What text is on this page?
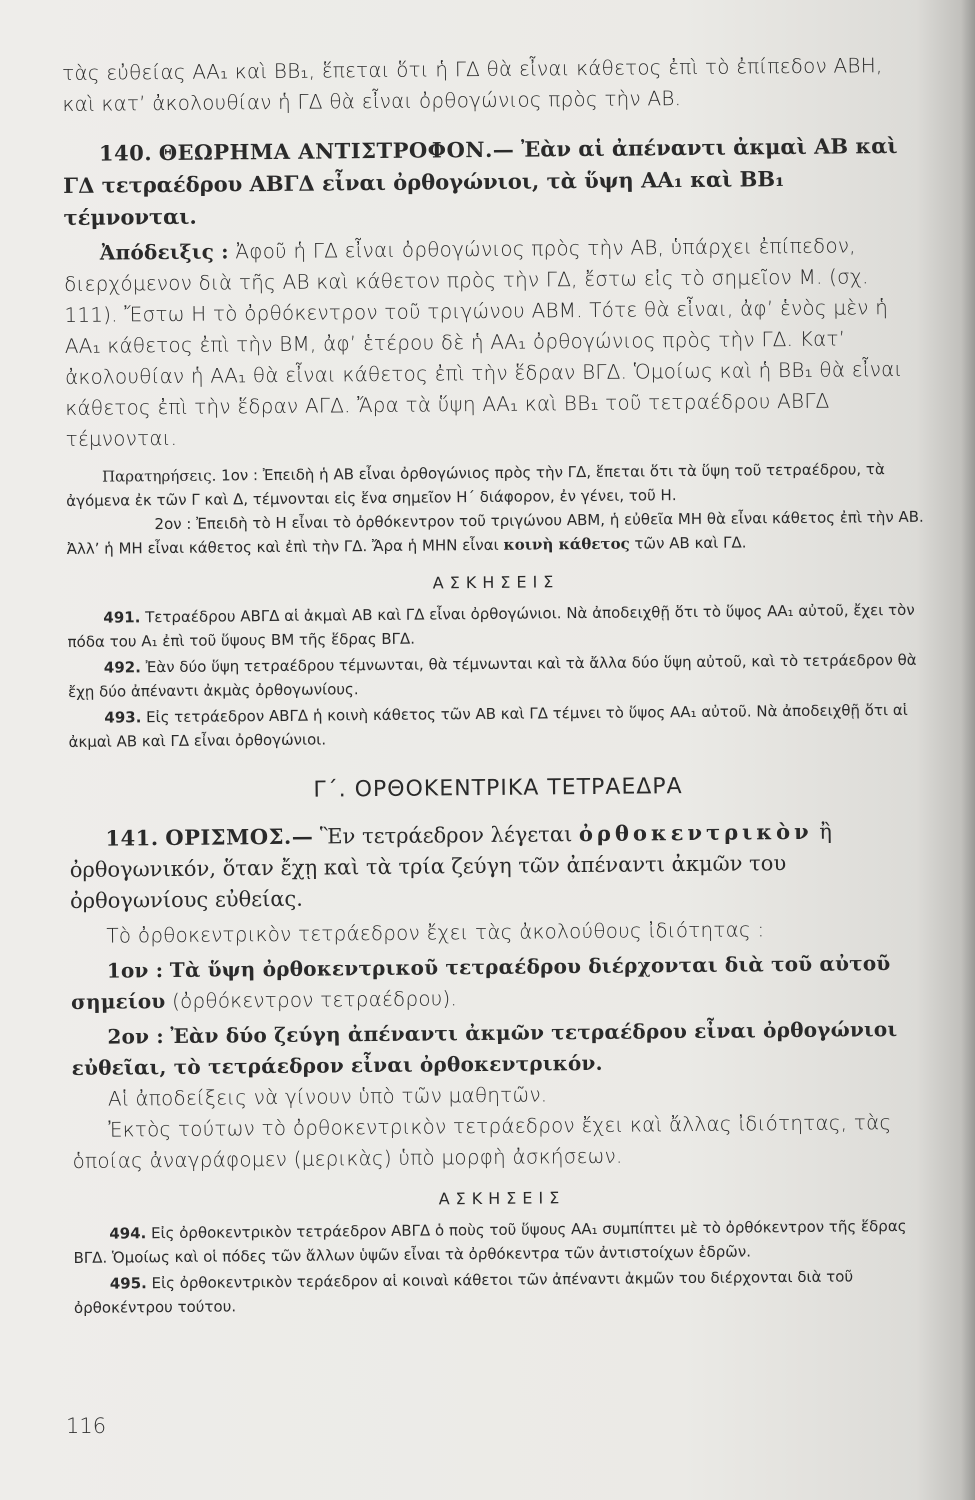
τὰς εὐθείας ΑΑ₁ καὶ ΒΒ₁, ἕπεται ὅτι ἡ ΓΔ θὰ εἶναι κάθετος ἐπὶ τὸ ἐπίπεδον ΑΒΗ, καὶ κατ’ ἀκολουθίαν ἡ ΓΔ θὰ εἶναι ὀρθογώνιος πρὸς τὴν ΑΒ.

140. ΘΕΩΡΗΜΑ ΑΝΤΙΣΤΡΟΦΟΝ.— Ἐὰν αἱ ἀπέναντι ἀκμαὶ ΑΒ καὶ ΓΔ τετραέδρου ΑΒΓΔ εἶναι ὀρθογώνιοι, τὰ ὕψη ΑΑ₁ καὶ ΒΒ₁ τέμνονται.

Ἀπόδειξις : Ἀφοῦ ἡ ΓΔ εἶναι ὀρθογώνιος πρὸς τὴν ΑΒ, ὑπάρχει ἐπίπεδον, διερχόμενον διὰ τῆς ΑΒ καὶ κάθετον πρὸς τὴν ΓΔ, ἔστω εἰς τὸ σημεῖον Μ. (σχ. 111). Ἔστω Η τὸ ὀρθόκεντρον τοῦ τριγώνου ΑΒΜ. Τότε θὰ εἶναι, ἀφ’ ἑνὸς μὲν ἡ ΑΑ₁ κάθετος ἐπὶ τὴν ΒΜ, ἀφ’ ἑτέρου δὲ ἡ ΑΑ₁ ὀρθογώνιος πρὸς τὴν ΓΔ. Κατ’ ἀκολουθίαν ἡ ΑΑ₁ θὰ εἶναι κάθετος ἐπὶ τὴν ἕδραν ΒΓΔ. Ὁμοίως καὶ ἡ ΒΒ₁ θὰ εἶναι κάθετος ἐπὶ τὴν ἕδραν ΑΓΔ. Ἄρα τὰ ὕψη ΑΑ₁ καὶ ΒΒ₁ τοῦ τετραέδρου ΑΒΓΔ τέμνονται.

Παρατηρήσεις. 1ον : Ἐπειδὴ ἡ ΑΒ εἶναι ὀρθογώνιος πρὸς τὴν ΓΔ, ἕπεται ὅτι τὰ ὕψη τοῦ τετραέδρου, τὰ ἀγόμενα ἐκ τῶν Γ καὶ Δ, τέμνονται εἰς ἕνα σημεῖον Η΄ διάφορον, ἐν γένει, τοῦ Η.

2ον : Ἐπειδὴ τὸ Η εἶναι τὸ ὀρθόκεντρον τοῦ τριγώνου ΑΒΜ, ἡ εὐθεῖα ΜΗ θὰ εἶναι κάθετος ἐπὶ τὴν ΑΒ. Ἀλλ’ ἡ ΜΗ εἶναι κάθετος καὶ ἐπὶ τὴν ΓΔ. Ἄρα ἡ ΜΗΝ εἶναι κοινὴ κάθετος τῶν ΑΒ καὶ ΓΔ.

ΑΣΚΗΣΕΙΣ

491. Τετραέδρου ΑΒΓΔ αἱ ἀκμαὶ ΑΒ καὶ ΓΔ εἶναι ὀρθογώνιοι. Νὰ ἀποδειχθῇ ὅτι τὸ ὕψος ΑΑ₁ αὐτοῦ, ἔχει τὸν πόδα του Α₁ ἐπὶ τοῦ ὕψους ΒΜ τῆς ἕδρας ΒΓΔ.

492. Ἐὰν δύο ὕψη τετραέδρου τέμνωνται, θὰ τέμνωνται καὶ τὰ ἄλλα δύο ὕψη αὐτοῦ, καὶ τὸ τετράεδρον θὰ ἔχῃ δύο ἀπέναντι ἀκμὰς ὀρθογωνίους.

493. Εἰς τετράεδρον ΑΒΓΔ ἡ κοινὴ κάθετος τῶν ΑΒ καὶ ΓΔ τέμνει τὸ ὕψος ΑΑ₁ αὐτοῦ. Νὰ ἀποδειχθῇ ὅτι αἱ ἀκμαὶ ΑΒ καὶ ΓΔ εἶναι ὀρθογώνιοι.

Γ΄. ΟΡΘΟΚΕΝΤΡΙΚΑ ΤΕΤΡΑΕΔΡΑ

141. ΟΡΙΣΜΟΣ.— Ἓν τετράεδρον λέγεται ὀρθοκεντρικὸν ἢ ὀρθογωνικόν, ὅταν ἔχῃ καὶ τὰ τρία ζεύγη τῶν ἀπέναντι ἀκμῶν του ὀρθογωνίους εὐθείας.

Τὸ ὀρθοκεντρικὸν τετράεδρον ἔχει τὰς ἀκολούθους ἰδιότητας :

1ον : Τὰ ὕψη ὀρθοκεντρικοῦ τετραέδρου διέρχονται διὰ τοῦ αὐτοῦ σημείου (ὀρθόκεντρον τετραέδρου).

2ον : Ἐὰν δύο ζεύγη ἀπέναντι ἀκμῶν τετραέδρου εἶναι ὀρθογώνιοι εὐθεῖαι, τὸ τετράεδρον εἶναι ὀρθοκεντρικόν.

Αἱ ἀποδείξεις νὰ γίνουν ὑπὸ τῶν μαθητῶν.

Ἐκτὸς τούτων τὸ ὀρθοκεντρικὸν τετράεδρον ἔχει καὶ ἄλλας ἰδιότητας, τὰς ὁποίας ἀναγράφομεν (μερικὰς) ὑπὸ μορφὴ ἀσκήσεων.

ΑΣΚΗΣΕΙΣ

494. Εἰς ὀρθοκεντρικὸν τετράεδρον ΑΒΓΔ ὁ ποὺς τοῦ ὕψους ΑΑ₁ συμπίπτει μὲ τὸ ὀρθόκεντρον τῆς ἕδρας ΒΓΔ. Ὁμοίως καὶ οἱ πόδες τῶν ἄλλων ὑψῶν εἶναι τὰ ὀρθόκεντρα τῶν ἀντιστοίχων ἑδρῶν.

495. Εἰς ὀρθοκεντρικὸν τεράεδρον αἱ κοιναὶ κάθετοι τῶν ἀπέναντι ἀκμῶν του διέρχονται διὰ τοῦ ὀρθοκέντρου τούτου.

116
